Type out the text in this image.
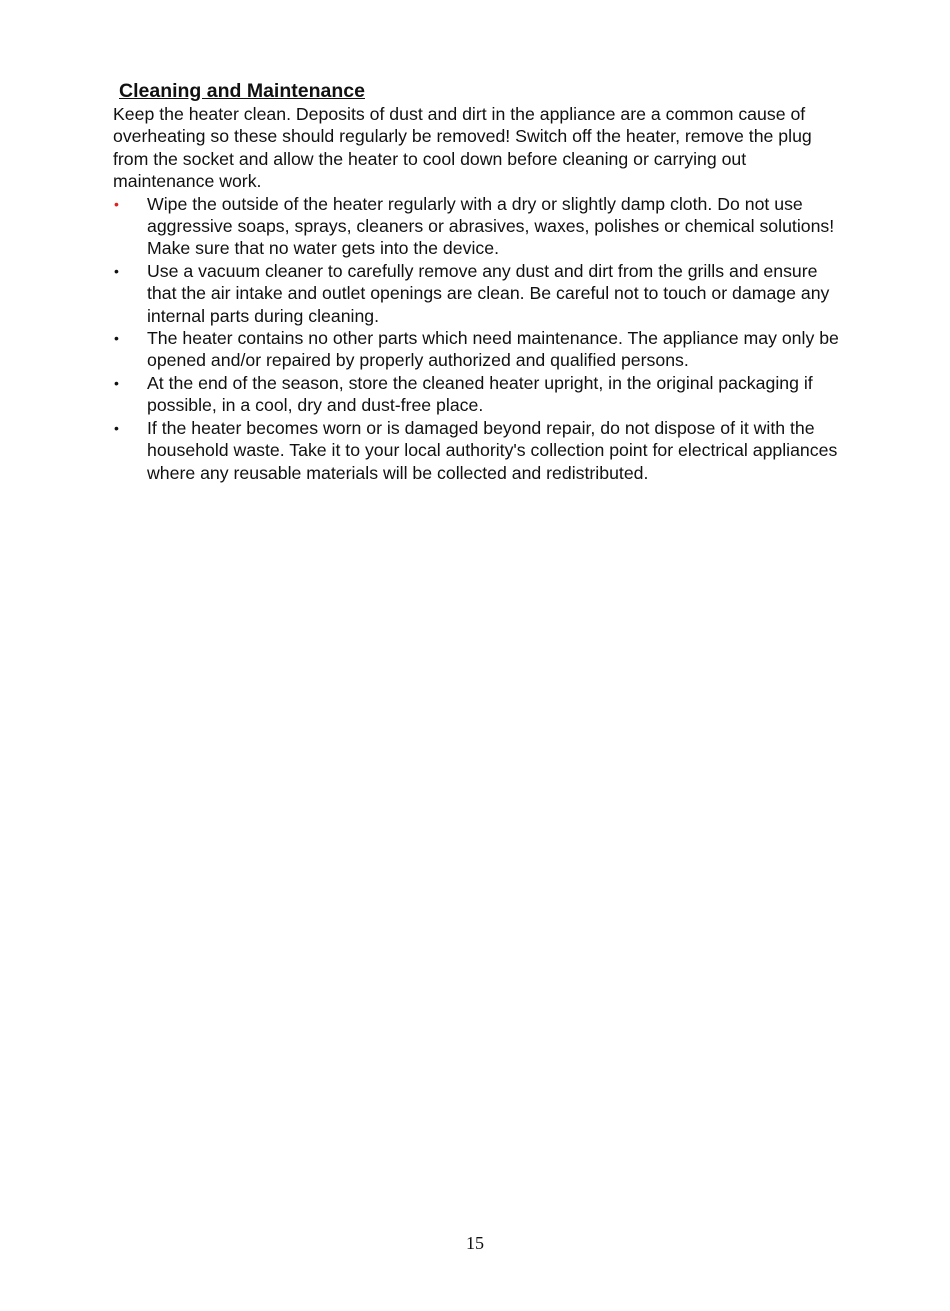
Cleaning and Maintenance

Keep the heater clean. Deposits of dust and dirt in the appliance are a common cause of overheating so these should regularly be removed! Switch off the heater, remove the plug from the socket and allow the heater to cool down before cleaning or carrying out maintenance work.

• Wipe the outside of the heater regularly with a dry or slightly damp cloth. Do not use aggressive soaps, sprays, cleaners or abrasives, waxes, polishes or chemical solutions! Make sure that no water gets into the device.
• Use a vacuum cleaner to carefully remove any dust and dirt from the grills and ensure that the air intake and outlet openings are clean. Be careful not to touch or damage any internal parts during cleaning.
• The heater contains no other parts which need maintenance. The appliance may only be opened and/or repaired by properly authorized and qualified persons.
• At the end of the season, store the cleaned heater upright, in the original packaging if possible, in a cool, dry and dust-free place.
• If the heater becomes worn or is damaged beyond repair, do not dispose of it with the household waste. Take it to your local authority's collection point for electrical appliances where any reusable materials will be collected and redistributed.
15
